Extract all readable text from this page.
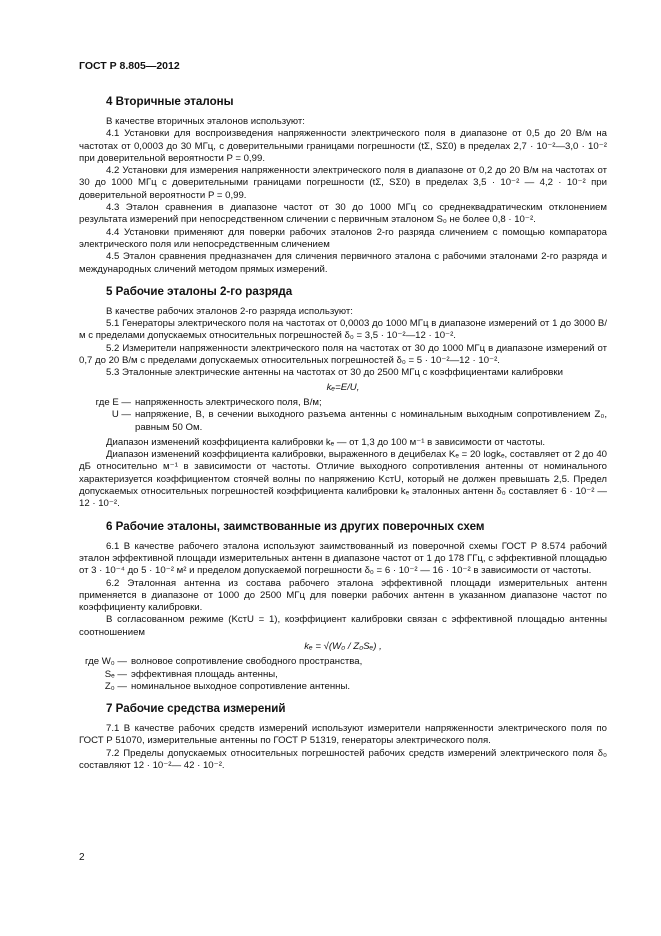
ГОСТ Р 8.805—2012
4 Вторичные эталоны

В качестве вторичных эталонов используют:

4.1 Установки для воспроизведения напряженности электрического поля в диапазоне от 0,5 до 20 В/м на частотах от 0,0003 до 30 МГц, с доверительными границами погрешности (tΣ, SΣ0) в пределах 2,7 · 10⁻²—3,0 · 10⁻² при доверительной вероятности P = 0,99.

4.2 Установки для измерения напряженности электрического поля в диапазоне от 0,2 до 20 В/м на частотах от 30 до 1000 МГц с доверительными границами погрешности (tΣ, SΣ0) в пределах 3,5 · 10⁻² — 4,2 · 10⁻² при доверительной вероятности P = 0,99.

4.3 Эталон сравнения в диапазоне частот от 30 до 1000 МГц со среднеквадратическим отклонением результата измерений при непосредственном сличении с первичным эталоном S₀ не более 0,8 · 10⁻².

4.4 Установки применяют для поверки рабочих эталонов 2-го разряда сличением с помощью компаратора электрического поля или непосредственным сличением

4.5 Эталон сравнения предназначен для сличения первичного эталона с рабочими эталонами 2-го разряда и международных сличений методом прямых измерений.

5 Рабочие эталоны 2-го разряда

В качестве рабочих эталонов 2-го разряда используют:

5.1 Генераторы электрического поля на частотах от 0,0003 до 1000 МГц в диапазоне измерений от 1 до 3000 В/м с пределами допускаемых относительных погрешностей δ₀ = 3,5 · 10⁻²—12 · 10⁻².

5.2 Измерители напряженности электрического поля на частотах от 30 до 1000 МГц в диапазоне измерений от 0,7 до 20 В/м с пределами допускаемых относительных погрешностей δ₀ = 5 · 10⁻²—12 · 10⁻².

5.3 Эталонные электрические антенны на частотах от 30 до 2500 МГц с коэффициентами калибровки

kₑ=E/U,
где E — напряженность электрического поля, В/м;
U — напряжение, В, в сечении выходного разъема антенны с номинальным выходным сопротивлением Z₀, равным 50 Ом.

Диапазон изменений коэффициента калибровки kₑ — от 1,3 до 100 м⁻¹ в зависимости от частоты.

Диапазон изменений коэффициента калибровки, выраженного в децибелах Kₑ = 20 logkₑ, составляет от 2 до 40 дБ относительно м⁻¹ в зависимости от частоты. Отличие выходного сопротивления антенны от номинального характеризуется коэффициентом стоячей волны по напряжению KстU, который не должен превышать 2,5. Предел допускаемых относительных погрешностей коэффициента калибровки kₑ эталонных антенн δ₀ составляет 6 · 10⁻² — 12 · 10⁻².

6 Рабочие эталоны, заимствованные из других поверочных схем

6.1 В качестве рабочего эталона используют заимствованный из поверочной схемы ГОСТ Р 8.574 рабочий эталон эффективной площади измерительных антенн в диапазоне частот от 1 до 178 ГГц, с эффективной площадью от 3 · 10⁻⁴ до 5 · 10⁻² м² и пределом допускаемой погрешности δ₀ = 6 · 10⁻² — 16 · 10⁻² в зависимости от частоты.

6.2 Эталонная антенна из состава рабочего эталона эффективной площади измерительных антенн применяется в диапазоне от 1000 до 2500 МГц для поверки рабочих антенн в указанном диапазоне частот по коэффициенту калибровки.

В согласованном режиме (KстU = 1), коэффициент калибровки связан с эффективной площадью антенны соотношением

kₑ = √(W₀ / Z₀Sₑ) ,
где W₀ — волновое сопротивление свободного пространства,
Sₑ — эффективная площадь антенны,
Z₀ — номинальное выходное сопротивление антенны.
7 Рабочие средства измерений

7.1 В качестве рабочих средств измерений используют измерители напряженности электрического поля по ГОСТ Р 51070, измерительные антенны по ГОСТ Р 51319, генераторы электрического поля.

7.2 Пределы допускаемых относительных погрешностей рабочих средств измерений электрического поля δ₀ составляют 12 · 10⁻²— 42 · 10⁻².

2
